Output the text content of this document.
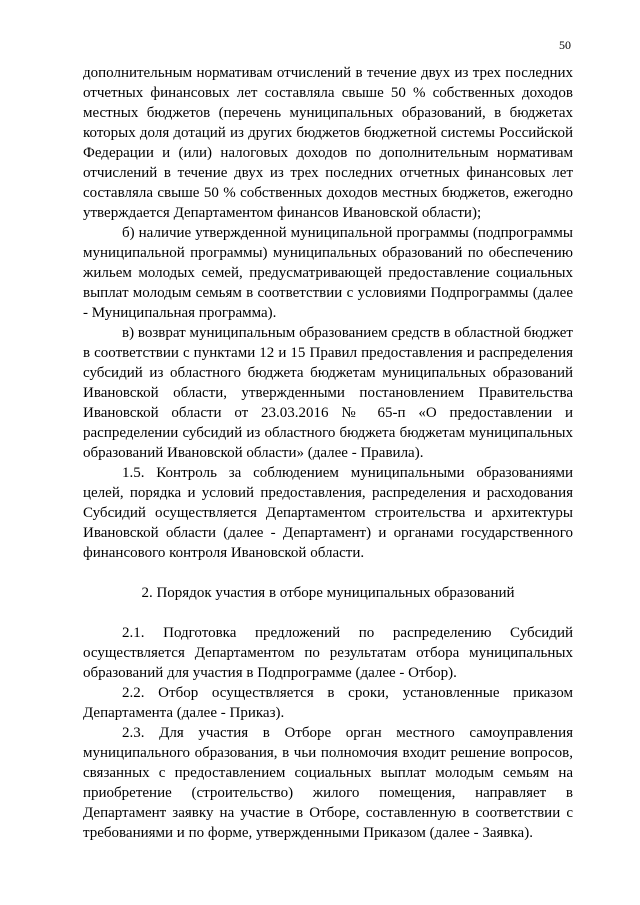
50

дополнительным нормативам отчислений в течение двух из трех последних отчетных финансовых лет составляла свыше 50 % собственных доходов местных бюджетов (перечень муниципальных образований, в бюджетах которых доля дотаций из других бюджетов бюджетной системы Российской Федерации и (или) налоговых доходов по дополнительным нормативам отчислений в течение двух из трех последних отчетных финансовых лет составляла свыше 50 % собственных доходов местных бюджетов, ежегодно утверждается Департаментом финансов Ивановской области);

б) наличие утвержденной муниципальной программы (подпрограммы муниципальной программы) муниципальных образований по обеспечению жильем молодых семей, предусматривающей предоставление социальных выплат молодым семьям в соответствии с условиями Подпрограммы (далее - Муниципальная программа).

в) возврат муниципальным образованием средств в областной бюджет в соответствии с пунктами 12 и 15 Правил предоставления и распределения субсидий из областного бюджета бюджетам муниципальных образований Ивановской области, утвержденными постановлением Правительства Ивановской области от 23.03.2016 № 65-п «О предоставлении и распределении субсидий из областного бюджета бюджетам муниципальных образований Ивановской области» (далее - Правила).

1.5. Контроль за соблюдением муниципальными образованиями целей, порядка и условий предоставления, распределения и расходования Субсидий осуществляется Департаментом строительства и архитектуры Ивановской области (далее - Департамент) и органами государственного финансового контроля Ивановской области.

2. Порядок участия в отборе муниципальных образований

2.1. Подготовка предложений по распределению Субсидий осуществляется Департаментом по результатам отбора муниципальных образований для участия в Подпрограмме (далее - Отбор).

2.2. Отбор осуществляется в сроки, установленные приказом Департамента (далее - Приказ).

2.3. Для участия в Отборе орган местного самоуправления муниципального образования, в чьи полномочия входит решение вопросов, связанных с предоставлением социальных выплат молодым семьям на приобретение (строительство) жилого помещения, направляет в Департамент заявку на участие в Отборе, составленную в соответствии с требованиями и по форме, утвержденными Приказом (далее - Заявка).
